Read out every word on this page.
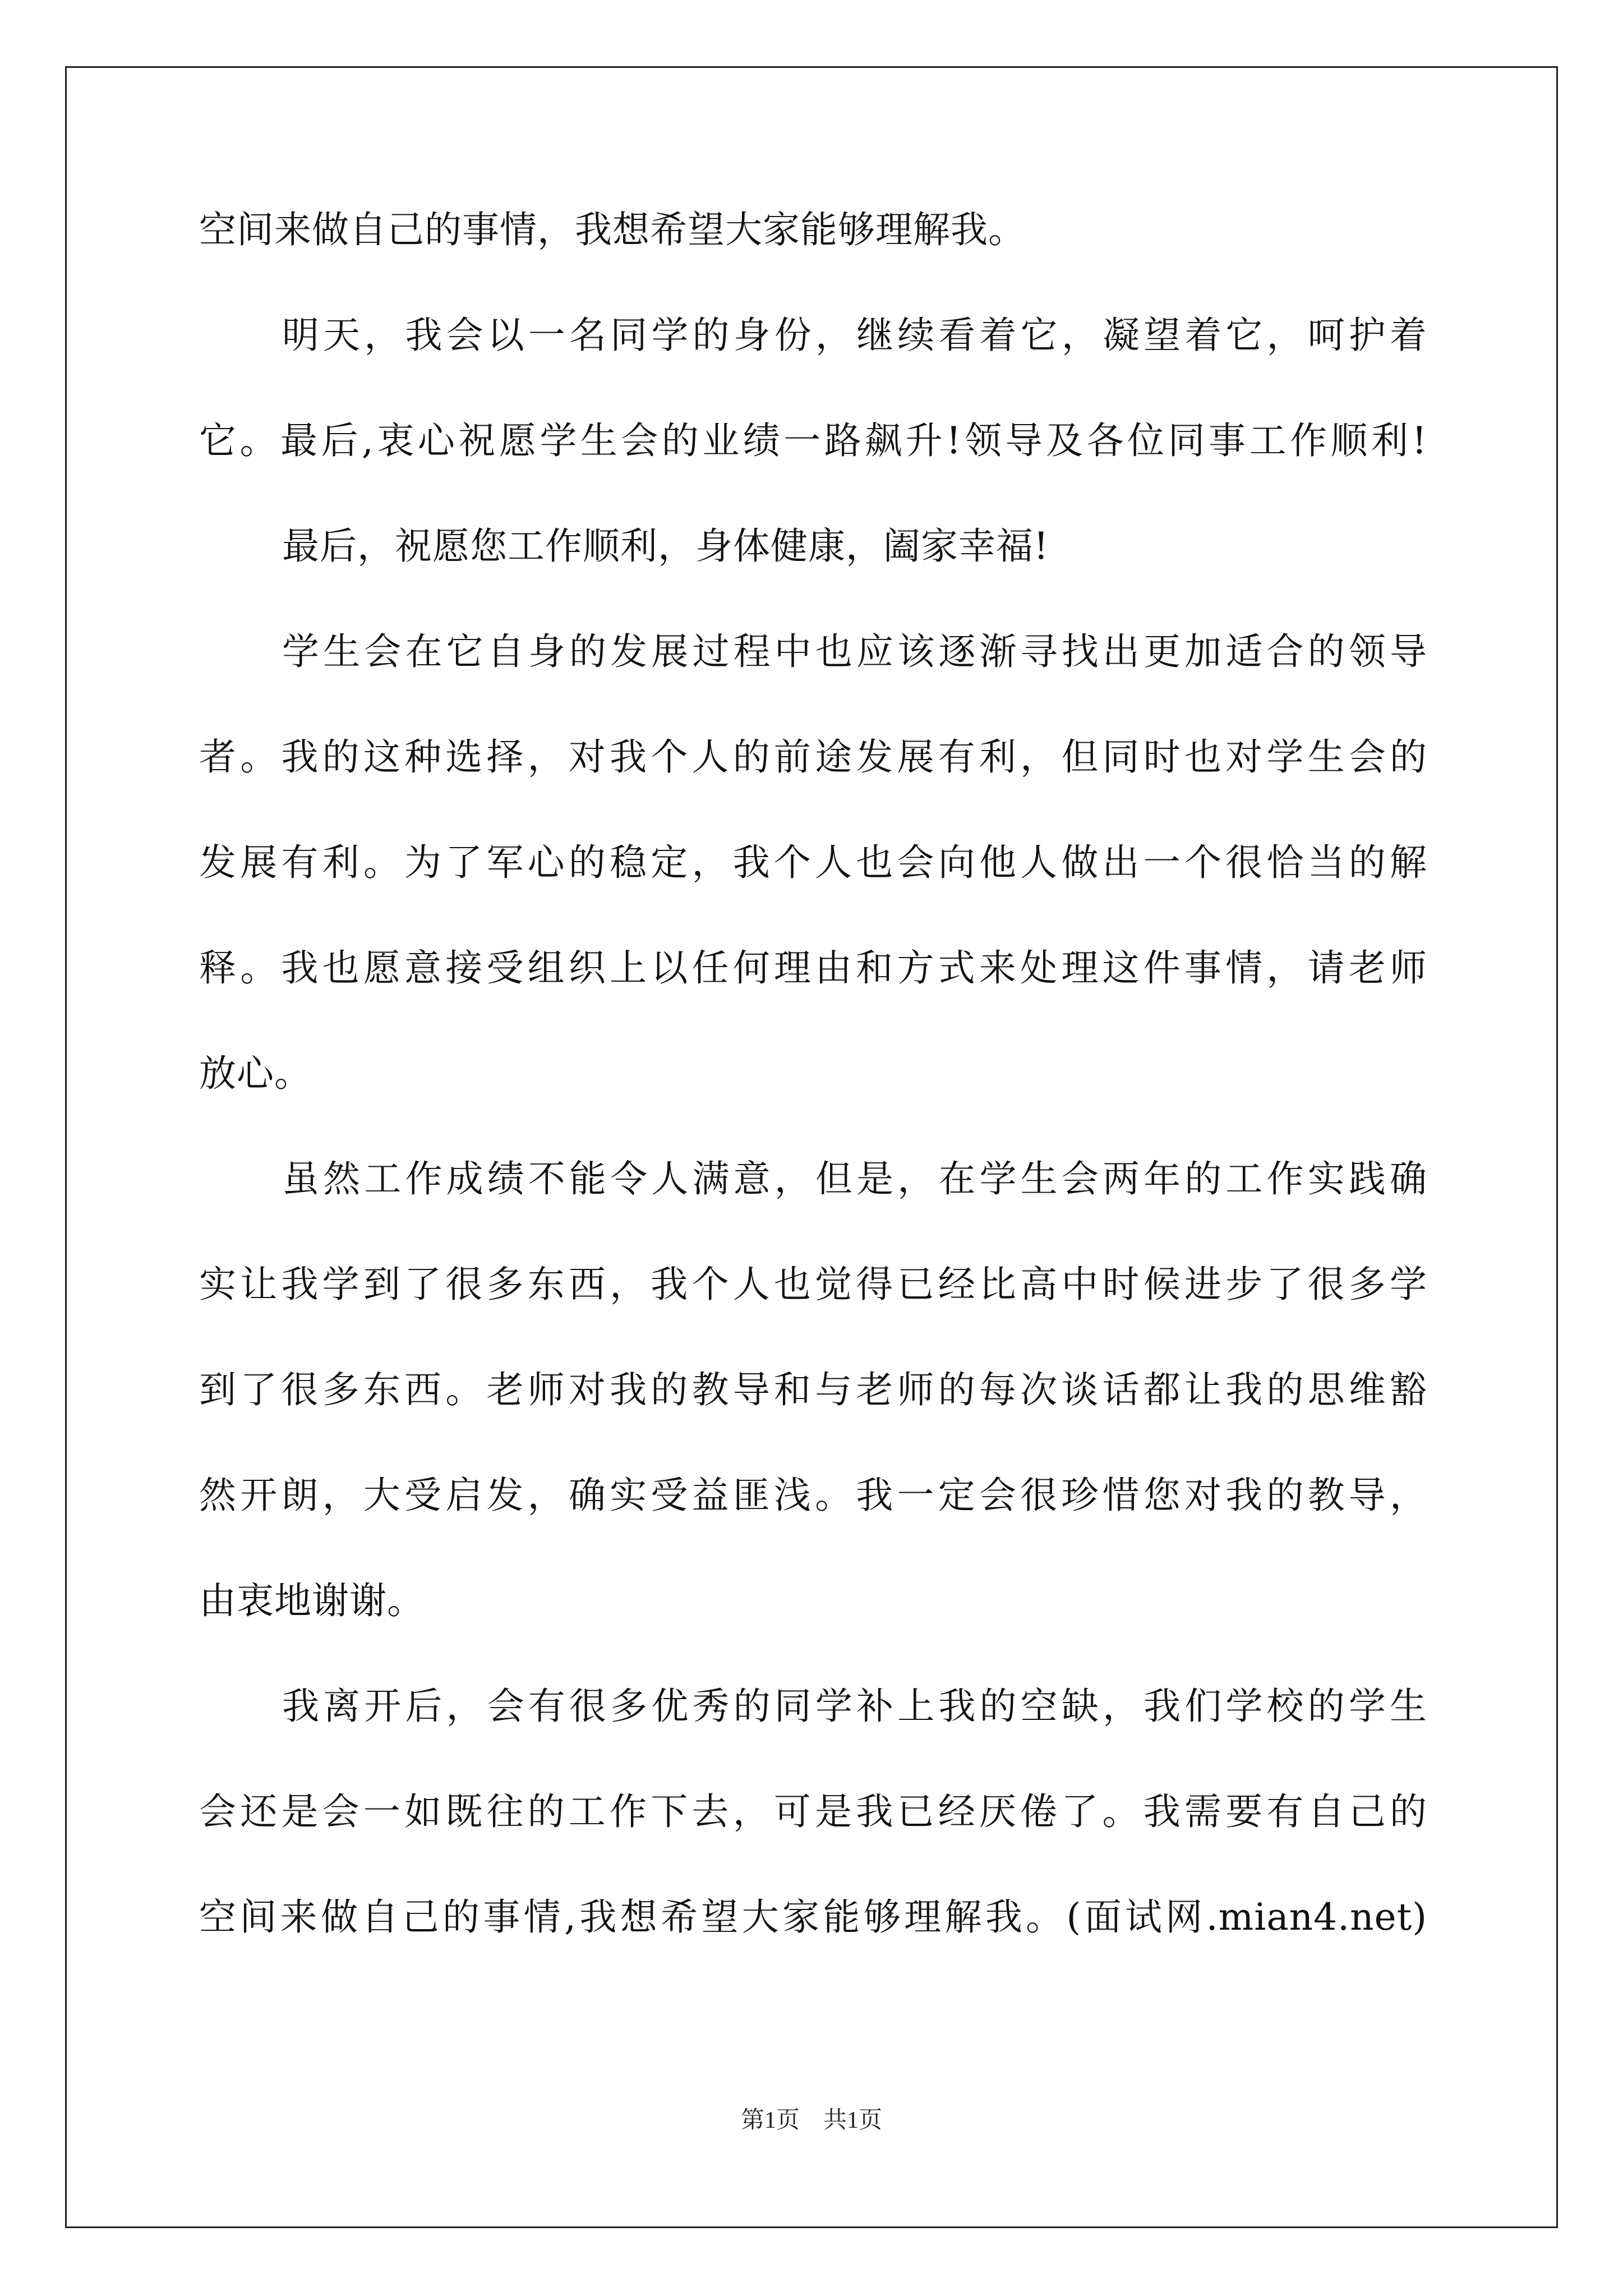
空间来做自己的事情，我想希望大家能够理解我。
明天，我会以一名同学的身份，继续看着它，凝望着它，呵护着
它。最后,衷心祝愿学生会的业绩一路飙升!领导及各位同事工作顺利!
最后，祝愿您工作顺利，身体健康，阖家幸福!
学生会在它自身的发展过程中也应该逐渐寻找出更加适合的领导
者。我的这种选择，对我个人的前途发展有利，但同时也对学生会的
发展有利。为了军心的稳定，我个人也会向他人做出一个很恰当的解
释。我也愿意接受组织上以任何理由和方式来处理这件事情，请老师
放心。
虽然工作成绩不能令人满意，但是，在学生会两年的工作实践确
实让我学到了很多东西，我个人也觉得已经比高中时候进步了很多学
到了很多东西。老师对我的教导和与老师的每次谈话都让我的思维豁
然开朗，大受启发，确实受益匪浅。我一定会很珍惜您对我的教导，
由衷地谢谢。
我离开后，会有很多优秀的同学补上我的空缺，我们学校的学生
会还是会一如既往的工作下去，可是我已经厌倦了。我需要有自己的
空间来做自己的事情,我想希望大家能够理解我。(面试网.mian4.net)
第1页 共1页
